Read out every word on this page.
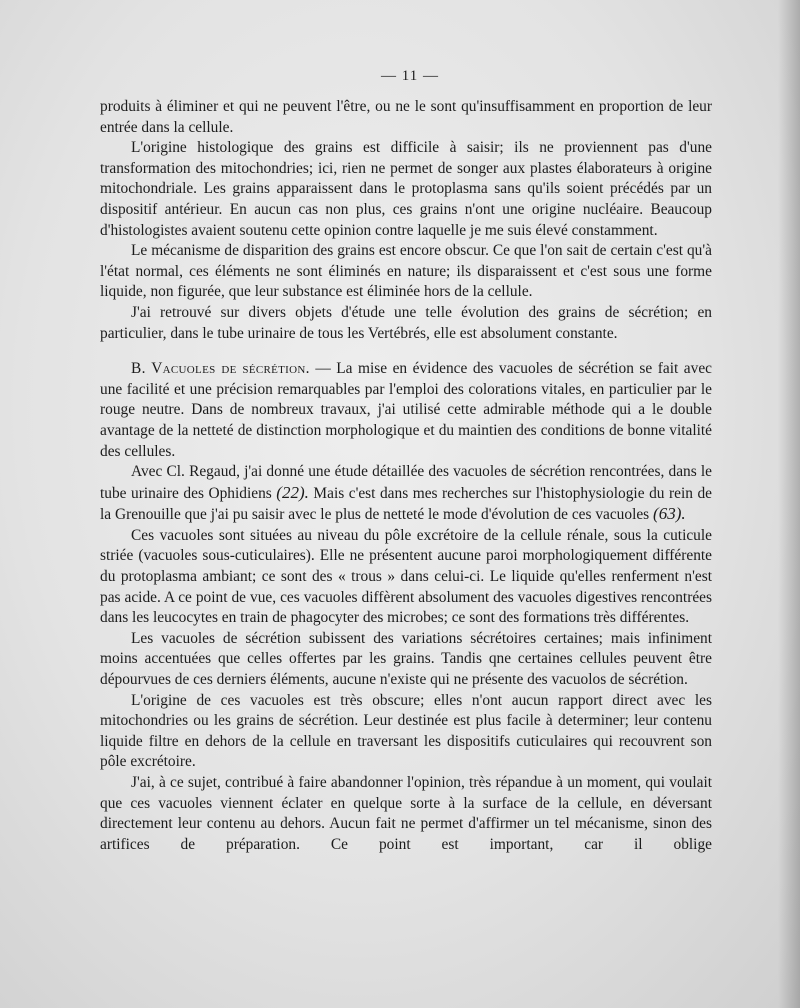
— 11 —

produits à éliminer et qui ne peuvent l'être, ou ne le sont qu'insuffisamment en proportion de leur entrée dans la cellule.

L'origine histologique des grains est difficile à saisir; ils ne proviennent pas d'une transformation des mitochondries; ici, rien ne permet de songer aux plastes élaborateurs à origine mitochondriale. Les grains apparaissent dans le protoplasma sans qu'ils soient précédés par un dispositif antérieur. En aucun cas non plus, ces grains n'ont une origine nucléaire. Beaucoup d'histologistes avaient soutenu cette opinion contre laquelle je me suis élevé constamment.

Le mécanisme de disparition des grains est encore obscur. Ce que l'on sait de certain c'est qu'à l'état normal, ces éléments ne sont éliminés en nature; ils disparaissent et c'est sous une forme liquide, non figurée, que leur substance est éliminée hors de la cellule.

J'ai retrouvé sur divers objets d'étude une telle évolution des grains de sécrétion; en particulier, dans le tube urinaire de tous les Vertébrés, elle est absolument constante.

B. Vacuoles de sécrétion. — La mise en évidence des vacuoles de sécrétion se fait avec une facilité et une précision remarquables par l'emploi des colorations vitales, en particulier par le rouge neutre. Dans de nombreux travaux, j'ai utilisé cette admirable méthode qui a le double avantage de la netteté de distinction morphologique et du maintien des conditions de bonne vitalité des cellules.

Avec Cl. Regaud, j'ai donné une étude détaillée des vacuoles de sécrétion rencontrées, dans le tube urinaire des Ophidiens (22). Mais c'est dans mes recherches sur l'histophysiologie du rein de la Grenouille que j'ai pu saisir avec le plus de netteté le mode d'évolution de ces vacuoles (63).

Ces vacuoles sont situées au niveau du pôle excrétoire de la cellule rénale, sous la cuticule striée (vacuoles sous-cuticulaires). Elle ne présentent aucune paroi morphologiquement différente du protoplasma ambiant; ce sont des « trous » dans celui-ci. Le liquide qu'elles renferment n'est pas acide. A ce point de vue, ces vacuoles diffèrent absolument des vacuoles digestives rencontrées dans les leucocytes en train de phagocyter des microbes; ce sont des formations très différentes.

Les vacuoles de sécrétion subissent des variations sécrétoires certaines; mais infiniment moins accentuées que celles offertes par les grains. Tandis qne certaines cellules peuvent être dépourvues de ces derniers éléments, aucune n'existe qui ne présente des vacuolos de sécrétion.

L'origine de ces vacuoles est très obscure; elles n'ont aucun rapport direct avec les mitochondries ou les grains de sécrétion. Leur destinée est plus facile à determiner; leur contenu liquide filtre en dehors de la cellule en traversant les dispositifs cuticulaires qui recouvrent son pôle excrétoire.

J'ai, à ce sujet, contribué à faire abandonner l'opinion, très répandue à un moment, qui voulait que ces vacuoles viennent éclater en quelque sorte à la surface de la cellule, en déversant directement leur contenu au dehors. Aucun fait ne permet d'affirmer un tel mécanisme, sinon des artifices de préparation. Ce point est important, car il oblige
